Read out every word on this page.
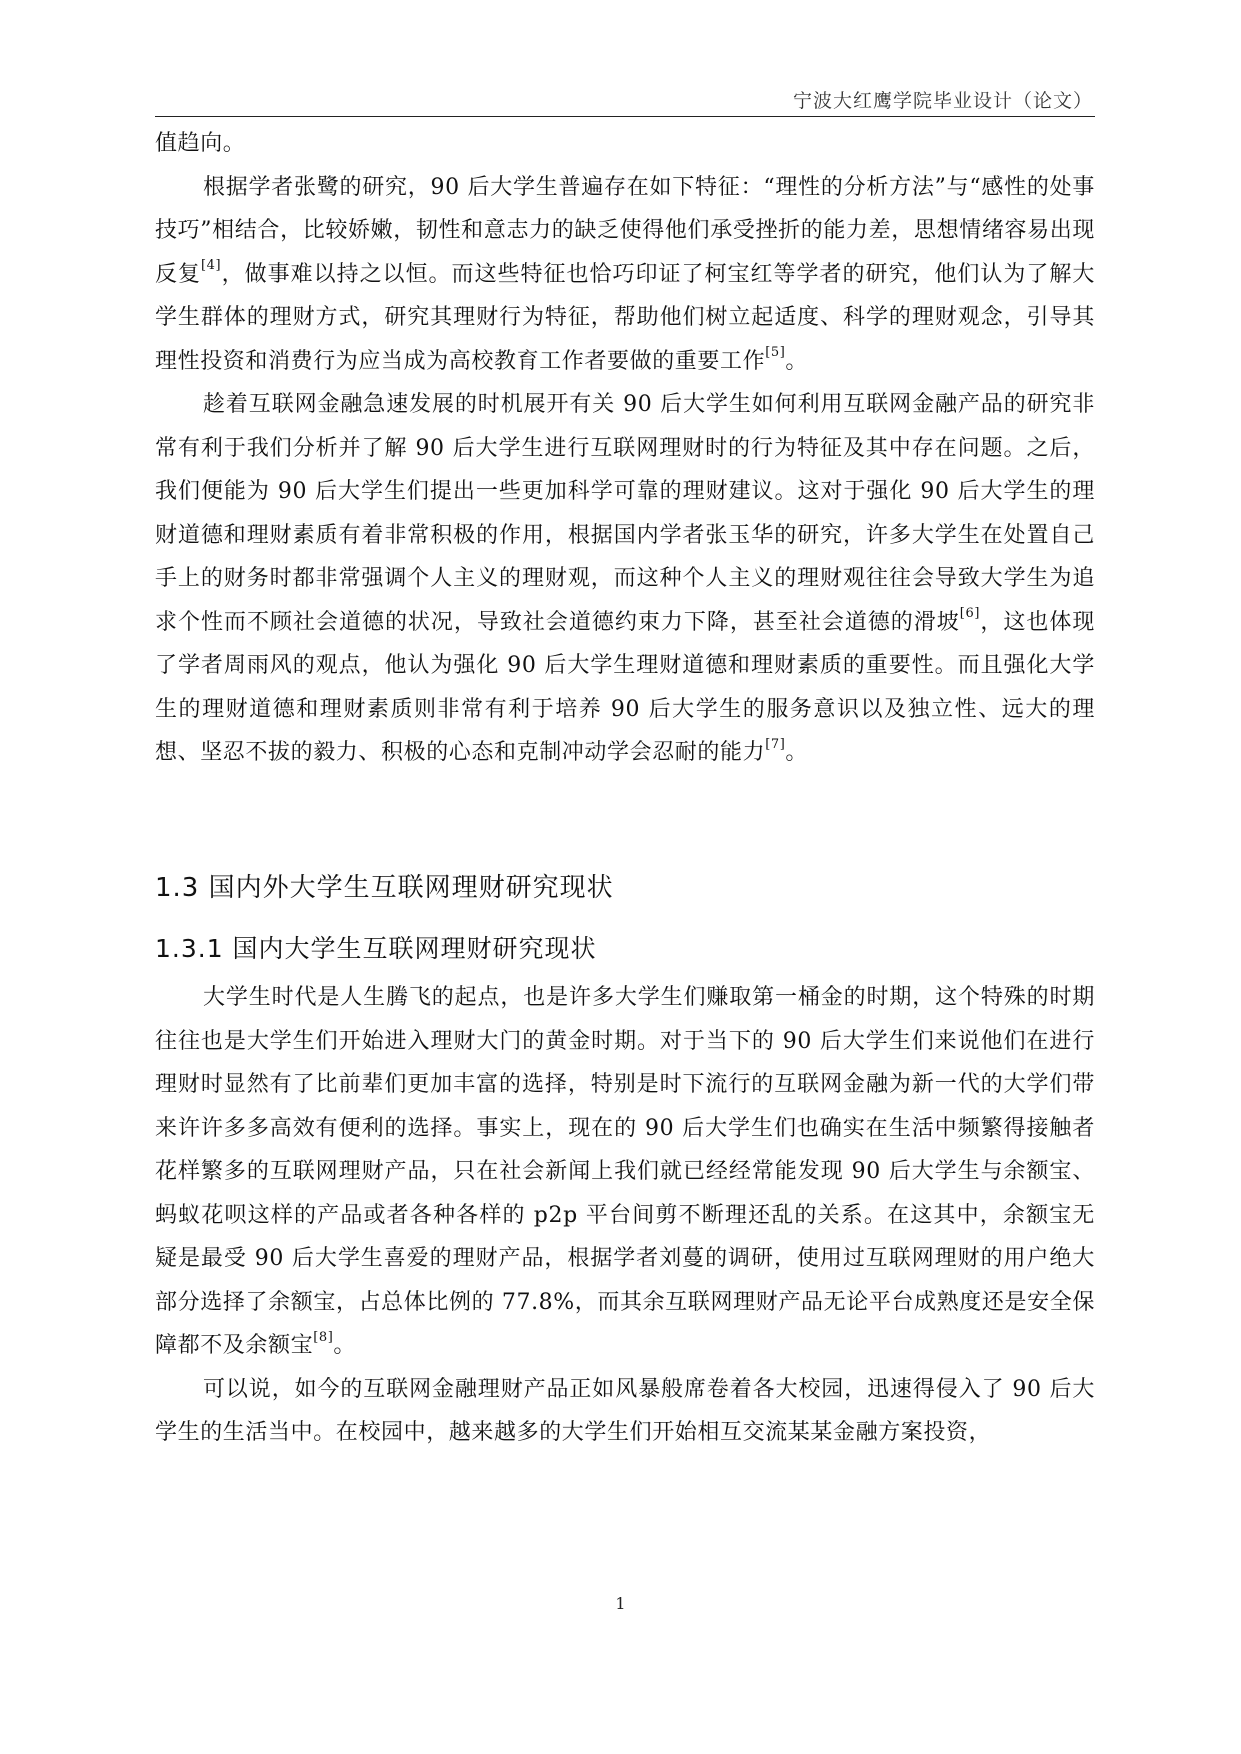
宁波大红鹰学院毕业设计（论文）

值趋向。

根据学者张鹭的研究，90 后大学生普遍存在如下特征：“理性的分析方法”与“感性的处事技巧”相结合，比较娇嫩，韧性和意志力的缺乏使得他们承受挫折的能力差，思想情绪容易出现反复[4]，做事难以持之以恒。而这些特征也恰巧印证了柯宝红等学者的研究，他们认为了解大学生群体的理财方式，研究其理财行为特征，帮助他们树立起适度、科学的理财观念，引导其理性投资和消费行为应当成为高校教育工作者要做的重要工作[5]。

趁着互联网金融急速发展的时机展开有关 90 后大学生如何利用互联网金融产品的研究非常有利于我们分析并了解 90 后大学生进行互联网理财时的行为特征及其中存在问题。之后，我们便能为 90 后大学生们提出一些更加科学可靠的理财建议。这对于强化 90 后大学生的理财道德和理财素质有着非常积极的作用，根据国内学者张玉华的研究，许多大学生在处置自己手上的财务时都非常强调个人主义的理财观，而这种个人主义的理财观往往会导致大学生为追求个性而不顾社会道德的状况，导致社会道德约束力下降，甚至社会道德的滑坡[6]，这也体现了学者周雨风的观点，他认为强化 90 后大学生理财道德和理财素质的重要性。而且强化大学生的理财道德和理财素质则非常有利于培养 90 后大学生的服务意识以及独立性、远大的理想、坚忍不拔的毅力、积极的心态和克制冲动学会忍耐的能力[7]。

1.3 国内外大学生互联网理财研究现状
1.3.1 国内大学生互联网理财研究现状

大学生时代是人生腾飞的起点，也是许多大学生们赚取第一桶金的时期，这个特殊的时期往往也是大学生们开始进入理财大门的黄金时期。对于当下的 90 后大学生们来说他们在进行理财时显然有了比前辈们更加丰富的选择，特别是时下流行的互联网金融为新一代的大学们带来许许多多高效有便利的选择。事实上，现在的 90 后大学生们也确实在生活中频繁得接触者花样繁多的互联网理财产品，只在社会新闻上我们就已经经常能发现 90 后大学生与余额宝、蚂蚁花呗这样的产品或者各种各样的 p2p 平台间剪不断理还乱的关系。在这其中，余额宝无疑是最受 90 后大学生喜爱的理财产品，根据学者刘蔓的调研，使用过互联网理财的用户绝大部分选择了余额宝，占总体比例的 77.8%，而其余互联网理财产品无论平台成熟度还是安全保障都不及余额宝[8]。

可以说，如今的互联网金融理财产品正如风暴般席卷着各大校园，迅速得侵入了 90 后大学生的生活当中。在校园中，越来越多的大学生们开始相互交流某某金融方案投资，

1
